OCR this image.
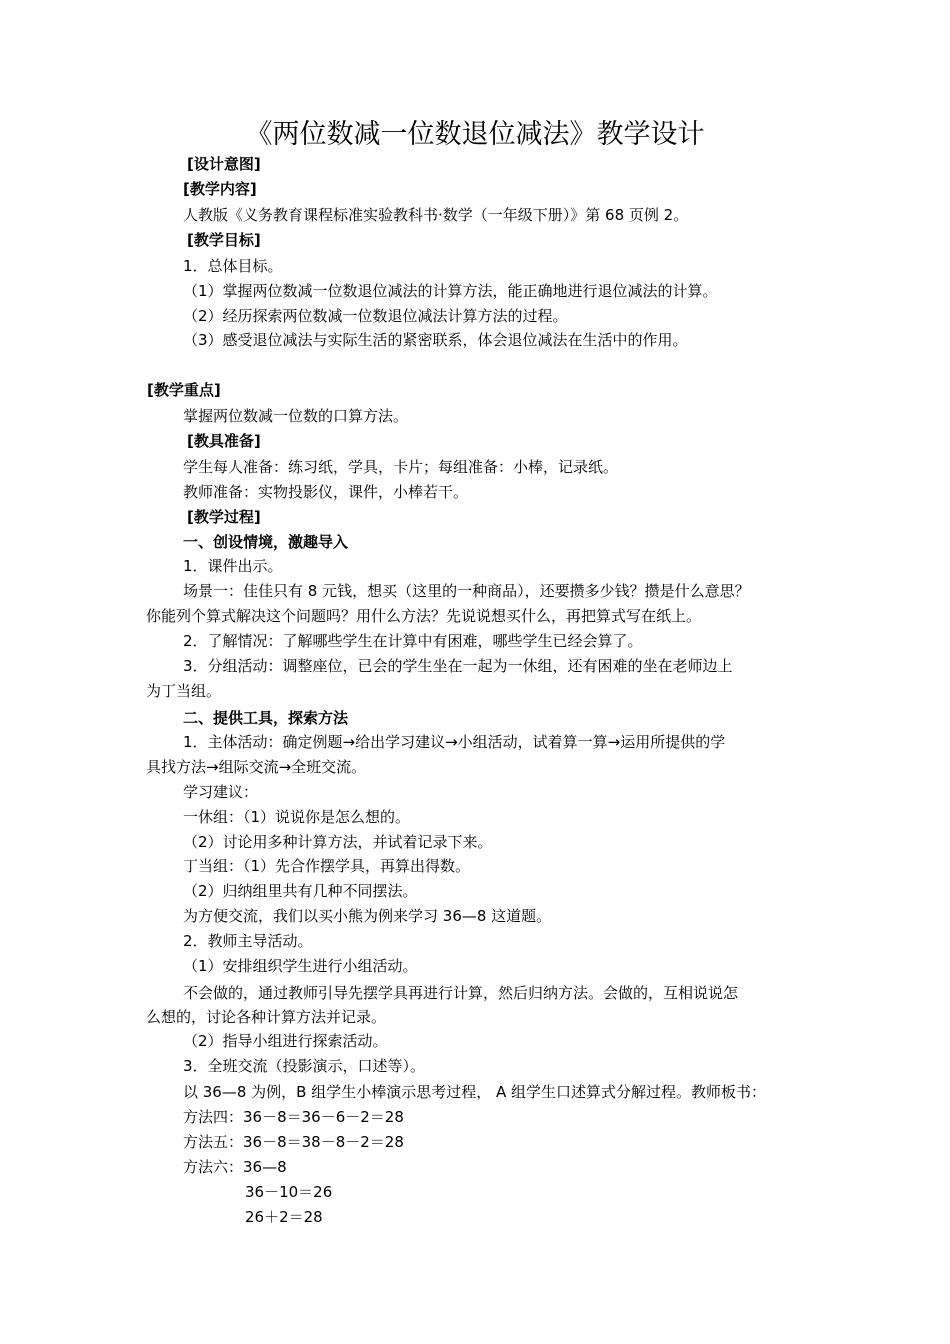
《两位数减一位数退位减法》教学设计
[设计意图]
[教学内容]
人教版《义务教育课程标准实验教科书·数学（一年级下册）》第 68 页例 2。
[教学目标]
1．总体目标。
（1）掌握两位数减一位数退位减法的计算方法，能正确地进行退位减法的计算。
（2）经历探索两位数减一位数退位减法计算方法的过程。
（3）感受退位减法与实际生活的紧密联系，体会退位减法在生活中的作用。
[教学重点]
掌握两位数减一位数的口算方法。
[教具准备]
学生每人准备：练习纸，学具，卡片；每组准备：小棒，记录纸。
教师准备：实物投影仪，课件，小棒若干。
[教学过程]
一、创设情境，激趣导入
1．课件出示。
场景一：佳佳只有 8 元钱，想买（这里的一种商品），还要攒多少钱？攒是什么意思？
你能列个算式解决这个问题吗？用什么方法？先说说想买什么，再把算式写在纸上。
2．了解情况：了解哪些学生在计算中有困难，哪些学生已经会算了。
3．分组活动：调整座位，已会的学生坐在一起为一休组，还有困难的坐在老师边上
为丁当组。
二、提供工具，探索方法
1．主体活动：确定例题→给出学习建议→小组活动，试着算一算→运用所提供的学
具找方法→组际交流→全班交流。
学习建议：
一休组：（1）说说你是怎么想的。
（2）讨论用多种计算方法，并试着记录下来。
丁当组：（1）先合作摆学具，再算出得数。
（2）归纳组里共有几种不同摆法。
为方便交流，我们以买小熊为例来学习 36—8 这道题。
2．教师主导活动。
（1）安排组织学生进行小组活动。
不会做的，通过教师引导先摆学具再进行计算，然后归纳方法。会做的，互相说说怎
么想的，讨论各种计算方法并记录。
（2）指导小组进行探索活动。
3．全班交流（投影演示，口述等）。
以 36—8 为例，B 组学生小棒演示思考过程， A 组学生口述算式分解过程。教师板书：
方法四：36－8＝36－6－2＝28
方法五：36－8＝38－8－2＝28
方法六：36—8
36－10＝26
26＋2＝28
